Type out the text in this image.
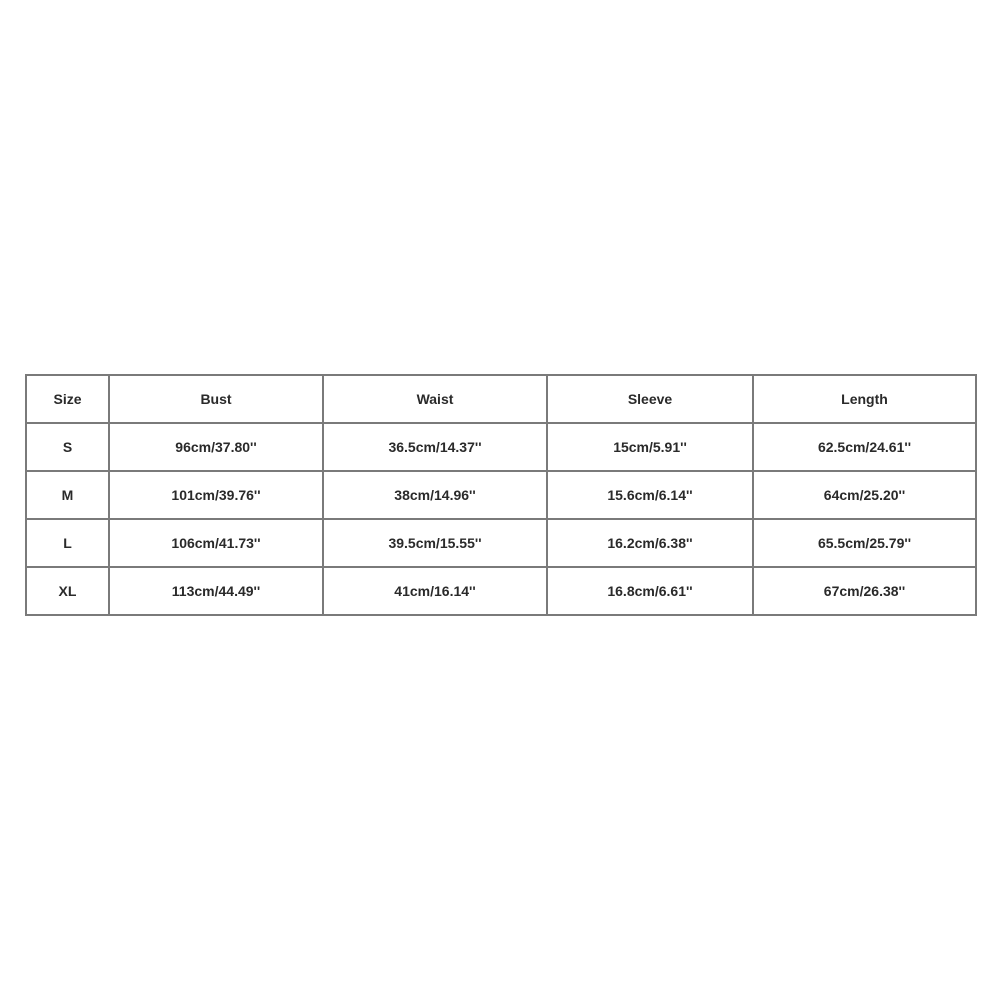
Size	Bust	Waist	Sleeve	Length
S	96cm/37.80''	36.5cm/14.37''	15cm/5.91''	62.5cm/24.61''
M	101cm/39.76''	38cm/14.96''	15.6cm/6.14''	64cm/25.20''
L	106cm/41.73''	39.5cm/15.55''	16.2cm/6.38''	65.5cm/25.79''
XL	113cm/44.49''	41cm/16.14''	16.8cm/6.61''	67cm/26.38''
